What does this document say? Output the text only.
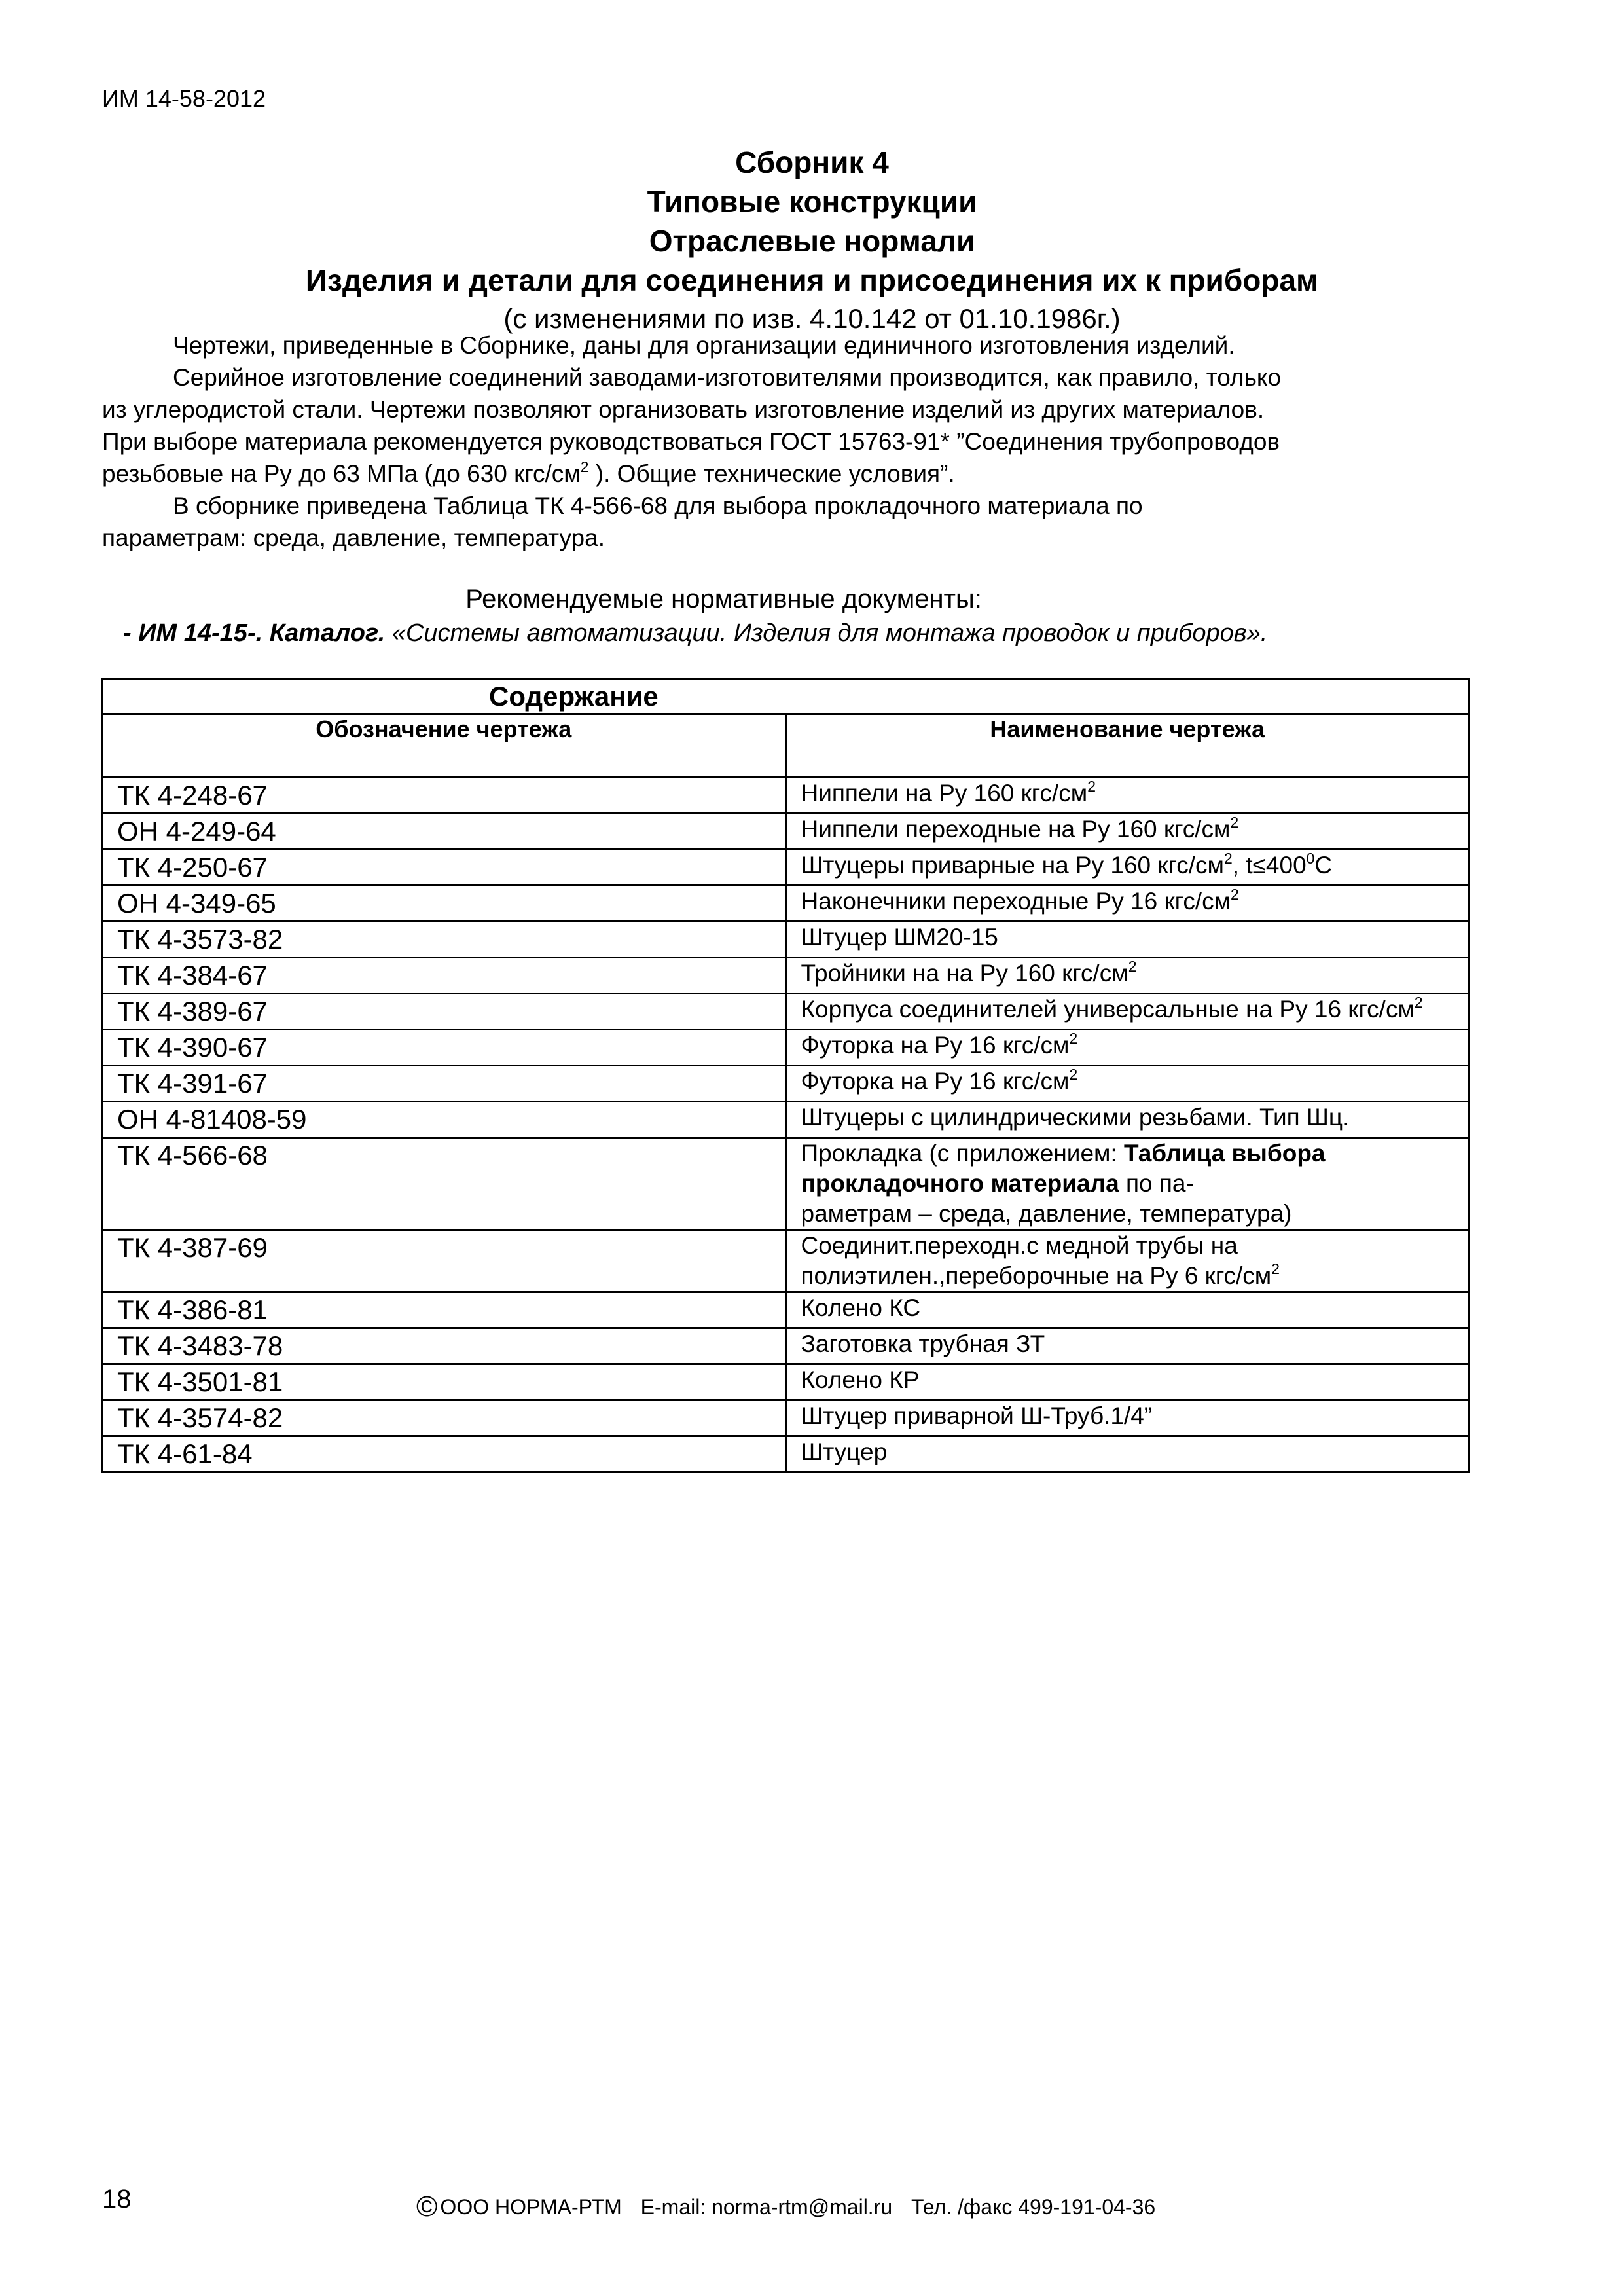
ИМ 14-58-2012
Сборник 4
Типовые конструкции
Отраслевые нормали
Изделия и детали для соединения и присоединения их к приборам
(с изменениями по изв. 4.10.142 от 01.10.1986г.)
Чертежи, приведенные в Сборнике, даны для организации единичного изготовления изделий.
Серийное изготовление соединений заводами-изготовителями производится, как правило, только
из углеродистой стали. Чертежи позволяют организовать изготовление изделий из других материалов.
При выборе материала рекомендуется руководствоваться ГОСТ 15763-91* ”Соединения трубопроводов
резьбовые на Ру до 63 МПа (до 630 кгс/$см^2$ ). Общие технические условия”.
В сборнике приведена Таблица ТК 4-566-68 для выбора прокладочного материала по
параметрам: среда, давление, температура.
Рекомендуемые нормативные документы:
- ИМ 14-15-. Каталог. «Системы автоматизации. Изделия для монтажа проводок и приборов».
Содержание	
Обозначение чертежа	Наименование чертежа
ТК 4-248-67	Ниппели на Ру 160 кгс/$см^2$
ОН 4-249-64	Ниппели переходные на Ру 160 кгс/$см^2$
ТК 4-250-67	Штуцеры приварные на Ру 160 кгс/$см^2$, $t\le 400^0С$
ОН 4-349-65	Наконечники переходные Ру 16 кгс/$см^2$
ТК 4-3573-82	Штуцер ШМ20-15
ТК 4-384-67	Тройники на на Ру 160 кгс/$см^2$
ТК 4-389-67	Корпуса соединителей универсальные на Ру 16 кгс/$см^2$
ТК 4-390-67	Футорка на Ру 16 кгс/$см^2$
ТК 4-391-67	Футорка на Ру 16 кгс/$см^2$
ОН 4-81408-59	Штуцеры с цилиндрическими резьбами. Тип Шц.
ТК 4-566-68	Прокладка (с приложением: Таблица выбора прокладочного материала по па-
раметрам – среда, давление, температура)
ТК 4-387-69	Соединит.переходн.с медной трубы на полиэтилен.,переборочные на Ру 6 кгс/$см^2$
ТК 4-386-81	Колено КС
ТК 4-3483-78	Заготовка трубная ЗТ
ТК 4-3501-81	Колено КР
ТК 4-3574-82	Штуцер приварной Ш-Труб.1/4”
ТК 4-61-84	Штуцер
18	© ООО НОРМА-РТМ E-mail: norma-rtm@mail.ru Тел. /факс 499-191-04-36
